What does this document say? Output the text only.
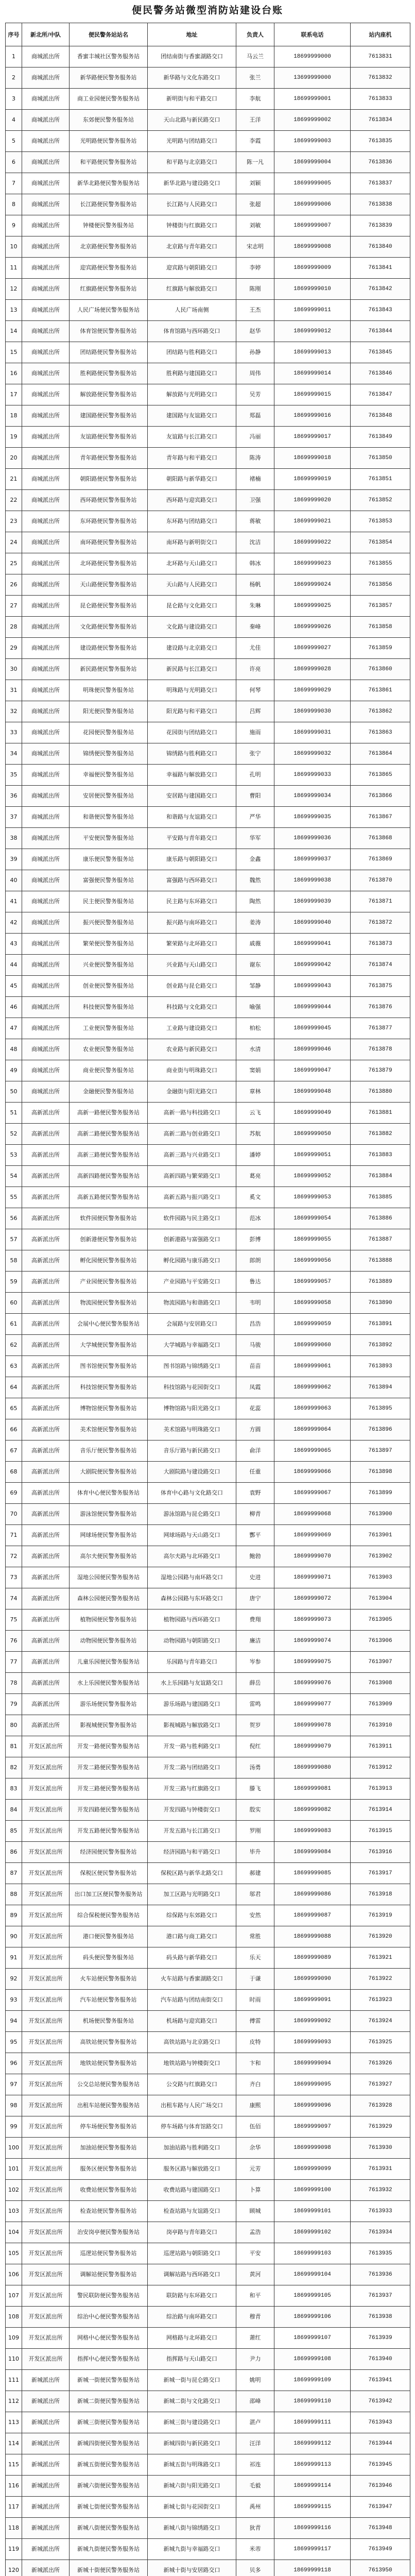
便民警务站微型消防站建设台账
序号	新北所/中队	便民警务站站名	地址	负责人	联系电话	站内座机
1	商城派出所	香蜜丰城社区警务服务站	团结南街与香蜜湖路交口	马云兰	18699999000	7613831
2	商城派出所	新华路便民警务服务站	新华路与文化东路交口	张兰	13699999000	7613832
3	商城派出所	商工业园便民警务服务站	新明街与和平路交口	李航	18699999001	7613833
4	商城派出所	东郊便民警务服务站	天山北路与新民路交口	王洋	18699999002	7613834
5	商城派出所	光明路便民警务服务站	光明路与团结路交口	李霞	18699999003	7613835
6	商城派出所	和平路便民警务服务站	和平路与北京路交口	陈一凡	18699999004	7613836
7	商城派出所	新华北路便民警务服务站	新华北路与建设路交口	刘颖	18699999005	7613837
8	商城派出所	长江路便民警务服务站	长江路与人民路交口	张超	18699999006	7613838
9	商城派出所	钟楼便民警务服务站	钟楼街与红旗路交口	刘敏	18699999007	7613839
10	商城派出所	北京路便民警务服务站	北京路与青年路交口	宋志明	18699999008	7613840
11	商城派出所	迎宾路便民警务服务站	迎宾路与朝阳路交口	李婷	18699999009	7613841
12	商城派出所	红旗路便民警务服务站	红旗路与解放路交口	陈刚	18699999010	7613842
13	商城派出所	人民广场便民警务服务站	人民广场南侧	王杰	18699999011	7613843
14	商城派出所	体育馆便民警务服务站	体育馆路与西环路交口	赵华	18699999012	7613844
15	商城派出所	团结路便民警务服务站	团结路与胜利路交口	孙静	18699999013	7613845
16	商城派出所	胜利路便民警务服务站	胜利路与建国路交口	周伟	18699999014	7613846
17	商城派出所	解放路便民警务服务站	解放路与光明路交口	吴芳	18699999015	7613847
18	商城派出所	建国路便民警务服务站	建国路与友谊路交口	郑磊	18699999016	7613848
19	商城派出所	友谊路便民警务服务站	友谊路与长江路交口	冯丽	18699999017	7613849
20	商城派出所	青年路便民警务服务站	青年路与和平路交口	陈涛	18699999018	7613850
21	商城派出所	朝阳路便民警务服务站	朝阳路与新华路交口	褚楠	18699999019	7613851
22	商城派出所	西环路便民警务服务站	西环路与迎宾路交口	卫强	18699999020	7613852
23	商城派出所	东环路便民警务服务站	东环路与团结路交口	蒋敏	18699999021	7613853
24	商城派出所	南环路便民警务服务站	南环路与新明街交口	沈洁	18699999022	7613854
25	商城派出所	北环路便民警务服务站	北环路与天山路交口	韩冰	18699999023	7613855
26	商城派出所	天山路便民警务服务站	天山路与人民路交口	杨帆	18699999024	7613856
27	商城派出所	昆仑路便民警务服务站	昆仑路与文化路交口	朱琳	18699999025	7613857
28	商城派出所	文化路便民警务服务站	文化路与建设路交口	秦峰	18699999026	7613858
29	商城派出所	建设路便民警务服务站	建设路与北京路交口	尤佳	18699999027	7613859
30	商城派出所	新民路便民警务服务站	新民路与长江路交口	许亮	18699999028	7613860
31	商城派出所	明珠便民警务服务站	明珠路与光明路交口	何琴	18699999029	7613861
32	商城派出所	阳光便民警务服务站	阳光路与和平路交口	吕辉	18699999030	7613862
33	商城派出所	花园便民警务服务站	花园街与团结路交口	施雨	18699999031	7613863
34	商城派出所	锦绣便民警务服务站	锦绣路与胜利路交口	张宁	18699999032	7613864
35	商城派出所	幸福便民警务服务站	幸福路与解放路交口	孔明	18699999033	7613865
36	商城派出所	安居便民警务服务站	安居路与建国路交口	曹阳	18699999034	7613866
37	商城派出所	和谐便民警务服务站	和谐路与友谊路交口	严华	18699999035	7613867
38	商城派出所	平安便民警务服务站	平安路与青年路交口	华军	18699999036	7613868
39	商城派出所	康乐便民警务服务站	康乐路与朝阳路交口	金鑫	18699999037	7613869
40	商城派出所	富强便民警务服务站	富强路与西环路交口	魏然	18699999038	7613870
41	商城派出所	民主便民警务服务站	民主路与东环路交口	陶然	18699999039	7613871
42	商城派出所	振兴便民警务服务站	振兴路与南环路交口	姜涛	18699999040	7613872
43	商城派出所	繁荣便民警务服务站	繁荣路与北环路交口	戚薇	18699999041	7613873
44	商城派出所	兴业便民警务服务站	兴业路与天山路交口	谢东	18699999042	7613874
45	商城派出所	创业便民警务服务站	创业路与昆仑路交口	邹静	18699999043	7613875
46	商城派出所	科技便民警务服务站	科技路与文化路交口	喻强	18699999044	7613876
47	商城派出所	工业便民警务服务站	工业路与建设路交口	柏松	18699999045	7613877
48	商城派出所	农业便民警务服务站	农业路与新民路交口	水清	18699999046	7613878
49	商城派出所	商业便民警务服务站	商业街与明珠路交口	窦娟	18699999047	7613879
50	商城派出所	金融便民警务服务站	金融街与阳光路交口	章林	18699999048	7613880
51	高新派出所	高新一路便民警务服务站	高新一路与科技路交口	云飞	18699999049	7613881
52	高新派出所	高新二路便民警务服务站	高新二路与创业路交口	苏航	18699999050	7613882
53	高新派出所	高新三路便民警务服务站	高新三路与兴业路交口	潘婷	18699999051	7613883
54	高新派出所	高新四路便民警务服务站	高新四路与繁荣路交口	葛亮	18699999052	7613884
55	高新派出所	高新五路便民警务服务站	高新五路与振兴路交口	奚文	18699999053	7613885
56	高新派出所	软件园便民警务服务站	软件园路与民主路交口	范冰	18699999054	7613886
57	高新派出所	创新港便民警务服务站	创新港路与富强路交口	彭博	18699999055	7613887
58	高新派出所	孵化园便民警务服务站	孵化园路与康乐路交口	郎朗	18699999056	7613888
59	高新派出所	产业园便民警务服务站	产业园路与平安路交口	鲁达	18699999057	7613889
60	高新派出所	物流园便民警务服务站	物流园路与和谐路交口	韦明	18699999058	7613890
61	高新派出所	会展中心便民警务服务站	会展路与安居路交口	昌浩	18699999059	7613891
62	高新派出所	大学城便民警务服务站	大学城路与幸福路交口	马骏	18699999060	7613892
63	高新派出所	图书馆便民警务服务站	图书馆路与锦绣路交口	苗苗	18699999061	7613893
64	高新派出所	科技馆便民警务服务站	科技馆路与花园街交口	凤霞	18699999062	7613894
65	高新派出所	博物馆便民警务服务站	博物馆路与阳光路交口	花蕊	18699999063	7613895
66	高新派出所	美术馆便民警务服务站	美术馆路与明珠路交口	方圆	18699999064	7613896
67	高新派出所	音乐厅便民警务服务站	音乐厅路与新民路交口	俞洋	18699999065	7613897
68	高新派出所	大剧院便民警务服务站	大剧院路与建设路交口	任重	18699999066	7613898
69	高新派出所	体育中心便民警务服务站	体育中心路与文化路交口	袁野	18699999067	7613899
70	高新派出所	游泳馆便民警务服务站	游泳馆路与昆仑路交口	柳青	18699999068	7613900
71	高新派出所	网球场便民警务服务站	网球场路与天山路交口	酆平	18699999069	7613901
72	高新派出所	高尔夫便民警务服务站	高尔夫路与北环路交口	鲍勃	18699999070	7613902
73	高新派出所	湿地公园便民警务服务站	湿地公园路与南环路交口	史进	18699999071	7613903
74	高新派出所	森林公园便民警务服务站	森林公园路与东环路交口	唐宁	18699999072	7613904
75	高新派出所	植物园便民警务服务站	植物园路与西环路交口	费翔	18699999073	7613905
76	高新派出所	动物园便民警务服务站	动物园路与朝阳路交口	廉洁	18699999074	7613906
77	高新派出所	儿童乐园便民警务服务站	乐园路与青年路交口	岑参	18699999075	7613907
78	高新派出所	水上乐园便民警务服务站	水上乐园路与友谊路交口	薛岳	18699999076	7613908
79	高新派出所	游乐场便民警务服务站	游乐场路与建国路交口	雷鸣	18699999077	7613909
80	高新派出所	影视城便民警务服务站	影视城路与解放路交口	贺岁	18699999078	7613910
81	开发区派出所	开发一路便民警务服务站	开发一路与胜利路交口	倪红	18699999079	7613911
82	开发区派出所	开发二路便民警务服务站	开发二路与团结路交口	汤勇	18699999080	7613912
83	开发区派出所	开发三路便民警务服务站	开发三路与红旗路交口	滕飞	18699999081	7613913
84	开发区派出所	开发四路便民警务服务站	开发四路与钟楼街交口	殷实	18699999082	7613914
85	开发区派出所	开发五路便民警务服务站	开发五路与长江路交口	罗刚	18699999083	7613915
86	开发区派出所	经济园便民警务服务站	经济园路与和平路交口	毕升	18699999084	7613916
87	开发区派出所	保税区便民警务服务站	保税区路与新华北路交口	郝建	18699999085	7613917
88	开发区派出所	出口加工区便民警务服务站	加工区路与光明路交口	邬君	18699999086	7613918
89	开发区派出所	综合保税便民警务服务站	综保路与东郊路交口	安然	18699999087	7613919
90	开发区派出所	港口便民警务服务站	港口路与商工路交口	常胜	18699999088	7613920
91	开发区派出所	码头便民警务服务站	码头路与新华路交口	乐天	18699999089	7613921
92	开发区派出所	火车站便民警务服务站	火车站路与香蜜湖路交口	于谦	18699999090	7613922
93	开发区派出所	汽车站便民警务服务站	汽车站路与团结南街交口	时雨	18699999091	7613923
94	开发区派出所	机场便民警务服务站	机场路与迎宾路交口	傅雷	18699999092	7613924
95	开发区派出所	高铁站便民警务服务站	高铁站路与北京路交口	皮特	18699999093	7613925
96	开发区派出所	地铁站便民警务服务站	地铁站路与钟楼街交口	卞和	18699999094	7613926
97	开发区派出所	公交总站便民警务服务站	公交路与红旗路交口	齐白	18699999095	7613927
98	开发区派出所	出租车站便民警务服务站	出租车路与人民广场交口	康熙	18699999096	7613928
99	开发区派出所	停车场便民警务服务站	停车场路与体育馆路交口	伍佰	18699999097	7613929
100	开发区派出所	加油站便民警务服务站	加油站路与胜利路交口	余华	18699999098	7613930
101	开发区派出所	服务区便民警务服务站	服务区路与解放路交口	元芳	18699999099	7613931
102	开发区派出所	收费站便民警务服务站	收费站路与建国路交口	卜算	18699999100	7613932
103	开发区派出所	检查站便民警务服务站	检查站路与友谊路交口	顾城	18699999101	7613933
104	开发区派出所	治安岗亭便民警务服务站	岗亭路与青年路交口	孟浩	18699999102	7613934
105	开发区派出所	巡逻站便民警务服务站	巡逻站路与朝阳路交口	平安	18699999103	7613935
106	开发区派出所	调解站便民警务服务站	调解站路与西环路交口	黄河	18699999104	7613936
107	开发区派出所	警民联防便民警务服务站	联防路与东环路交口	和平	18699999105	7613937
108	开发区派出所	综治中心便民警务服务站	综治路与南环路交口	穆青	18699999106	7613938
109	开发区派出所	网格中心便民警务服务站	网格路与北环路交口	萧红	18699999107	7613939
110	开发区派出所	指挥中心便民警务服务站	指挥路与天山路交口	尹力	18699999108	7613940
111	新城派出所	新城一街便民警务服务站	新城一街与昆仑路交口	姚明	18699999109	7613941
112	新城派出所	新城二街便民警务服务站	新城二街与文化路交口	邵峰	18699999110	7613942
113	新城派出所	新城三街便民警务服务站	新城三街与建设路交口	湛卢	18699999111	7613943
114	新城派出所	新城四街便民警务服务站	新城四街与新民路交口	汪洋	18699999112	7613944
115	新城派出所	新城五街便民警务服务站	新城五街与明珠路交口	祁连	18699999113	7613945
116	新城派出所	新城六街便民警务服务站	新城六街与阳光路交口	毛毅	18699999114	7613946
117	新城派出所	新城七街便民警务服务站	新城七街与花园街交口	禹州	18699999115	7613947
118	新城派出所	新城八街便民警务服务站	新城八街与锦绣路交口	狄青	18699999116	7613948
119	新城派出所	新城九街便民警务服务站	新城九街与幸福路交口	米芾	18699999117	7613949
120	新城派出所	新城十街便民警务服务站	新城十街与安居路交口	贝多	18699999118	7613950
